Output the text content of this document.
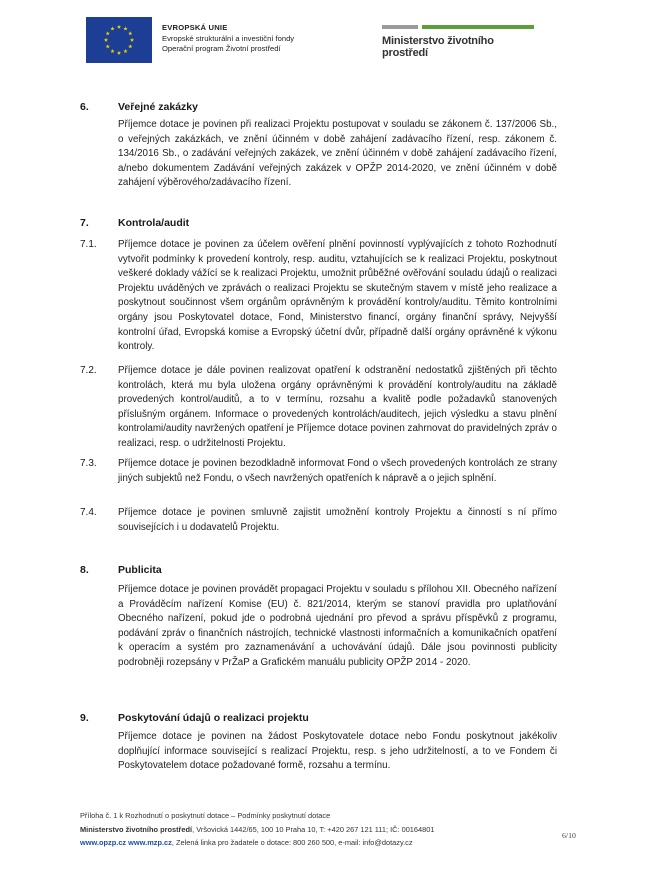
EVROPSKÁ UNIE
Evropské strukturální a investiční fondy
Operační program Životní prostředí
Ministerstvo životního prostředí
6.	Veřejné zakázky
Příjemce dotace je povinen při realizaci Projektu postupovat v souladu se zákonem č. 137/2006 Sb., o veřejných zakázkách, ve znění účinném v době zahájení zadávacího řízení, resp. zákonem č. 134/2016 Sb., o zadávání veřejných zakázek, ve znění účinném v době zahájení zadávacího řízení, a/nebo dokumentem Zadávání veřejných zakázek v OPŽP 2014-2020, ve znění účinném v době zahájení výběrového/zadávacího řízení.
7.	Kontrola/audit
7.1. Příjemce dotace je povinen za účelem ověření plnění povinností vyplývajících z tohoto Rozhodnutí vytvořit podmínky k provedení kontroly, resp. auditu, vztahujících se k realizaci Projektu, poskytnout veškeré doklady vážící se k realizaci Projektu, umožnit průběžné ověřování souladu údajů o realizaci Projektu uváděných ve zprávách o realizaci Projektu se skutečným stavem v místě jeho realizace a poskytnout součinnost všem orgánům oprávněným k provádění kontroly/auditu. Těmito kontrolními orgány jsou Poskytovatel dotace, Fond, Ministerstvo financí, orgány finanční správy, Nejvyšší kontrolní úřad, Evropská komise a Evropský účetní dvůr, případně další orgány oprávněné k výkonu kontroly.
7.2. Příjemce dotace je dále povinen realizovat opatření k odstranění nedostatků zjištěných při těchto kontrolách, která mu byla uložena orgány oprávněnými k provádění kontroly/auditu na základě provedených kontrol/auditů, a to v termínu, rozsahu a kvalitě podle požadavků stanovených příslušným orgánem. Informace o provedených kontrolách/auditech, jejich výsledku a stavu plnění kontrolami/audity navržených opatření je Příjemce dotace povinen zahrnovat do pravidelných zpráv o realizaci, resp. o udržitelnosti Projektu.
7.3. Příjemce dotace je povinen bezodkladně informovat Fond o všech provedených kontrolách ze strany jiných subjektů než Fondu, o všech navržených opatřeních k nápravě a o jejich splnění.
7.4. Příjemce dotace je povinen smluvně zajistit umožnění kontroly Projektu a činností s ní přímo souvisejících i u dodavatelů Projektu.
8.	Publicita
Příjemce dotace je povinen provádět propagaci Projektu v souladu s přílohou XII. Obecného nařízení a Prováděcím nařízení Komise (EU) č. 821/2014, kterým se stanoví pravidla pro uplatňování Obecného nařízení, pokud jde o podrobná ujednání pro převod a správu příspěvků z programu, podávání zpráv o finančních nástrojích, technické vlastnosti informačních a komunikačních opatření k operacím a systém pro zaznamenávání a uchovávání údajů. Dále jsou povinnosti publicity podrobněji rozepsány v PrŽaP a Grafickém manuálu publicity OPŽP 2014 - 2020.
9.	Poskytování údajů o realizaci projektu
Příjemce dotace je povinen na žádost Poskytovatele dotace nebo Fondu poskytnout jakékoliv doplňující informace související s realizací Projektu, resp. s jeho udržitelností, a to ve Fondem či Poskytovatelem dotace požadované formě, rozsahu a termínu.
Příloha č. 1 k Rozhodnutí o poskytnutí dotace – Podmínky poskytnutí dotace
Ministerstvo životního prostředí, Vršovická 1442/65, 100 10 Praha 10, T: +420 267 121 111; IČ: 00164801
www.opzp.cz www.mzp.cz, Zelená linka pro žadatele o dotace: 800 260 500, e-mail: info@dotazy.cz
6/10
